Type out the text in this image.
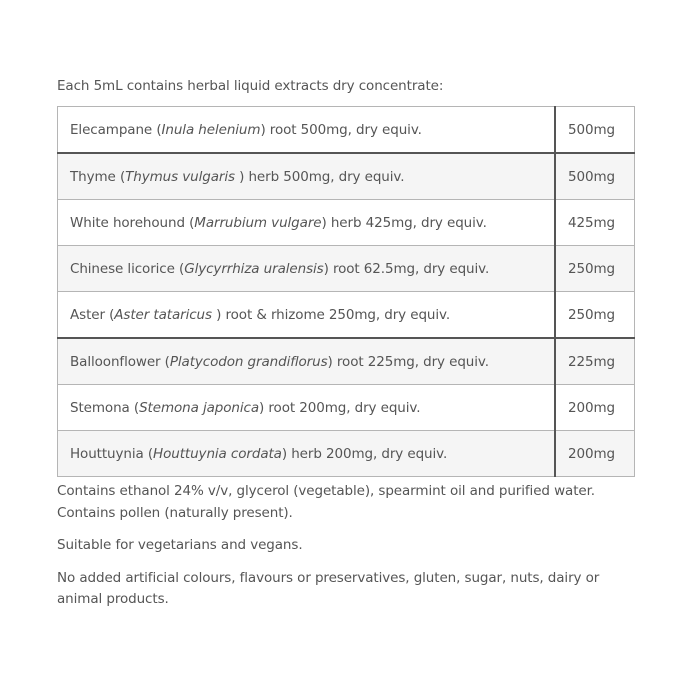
Each 5mL contains herbal liquid extracts dry concentrate:

Elecampane (Inula helenium) root 500mg, dry equiv.	500mg
Thyme (Thymus vulgaris ) herb 500mg, dry equiv.	500mg
White horehound (Marrubium vulgare) herb 425mg, dry equiv.	425mg
Chinese licorice (Glycyrrhiza uralensis) root 62.5mg, dry equiv.	250mg
Aster (Aster tataricus ) root & rhizome 250mg, dry equiv.	250mg
Balloonflower (Platycodon grandiflorus) root 225mg, dry equiv.	225mg
Stemona (Stemona japonica) root 200mg, dry equiv.	200mg
Houttuynia (Houttuynia cordata) herb 200mg, dry equiv.	200mg

Contains ethanol 24% v/v, glycerol (vegetable), spearmint oil and purified water.
Contains pollen (naturally present).

Suitable for vegetarians and vegans.

No added artificial colours, flavours or preservatives, gluten, sugar, nuts, dairy or animal products.
